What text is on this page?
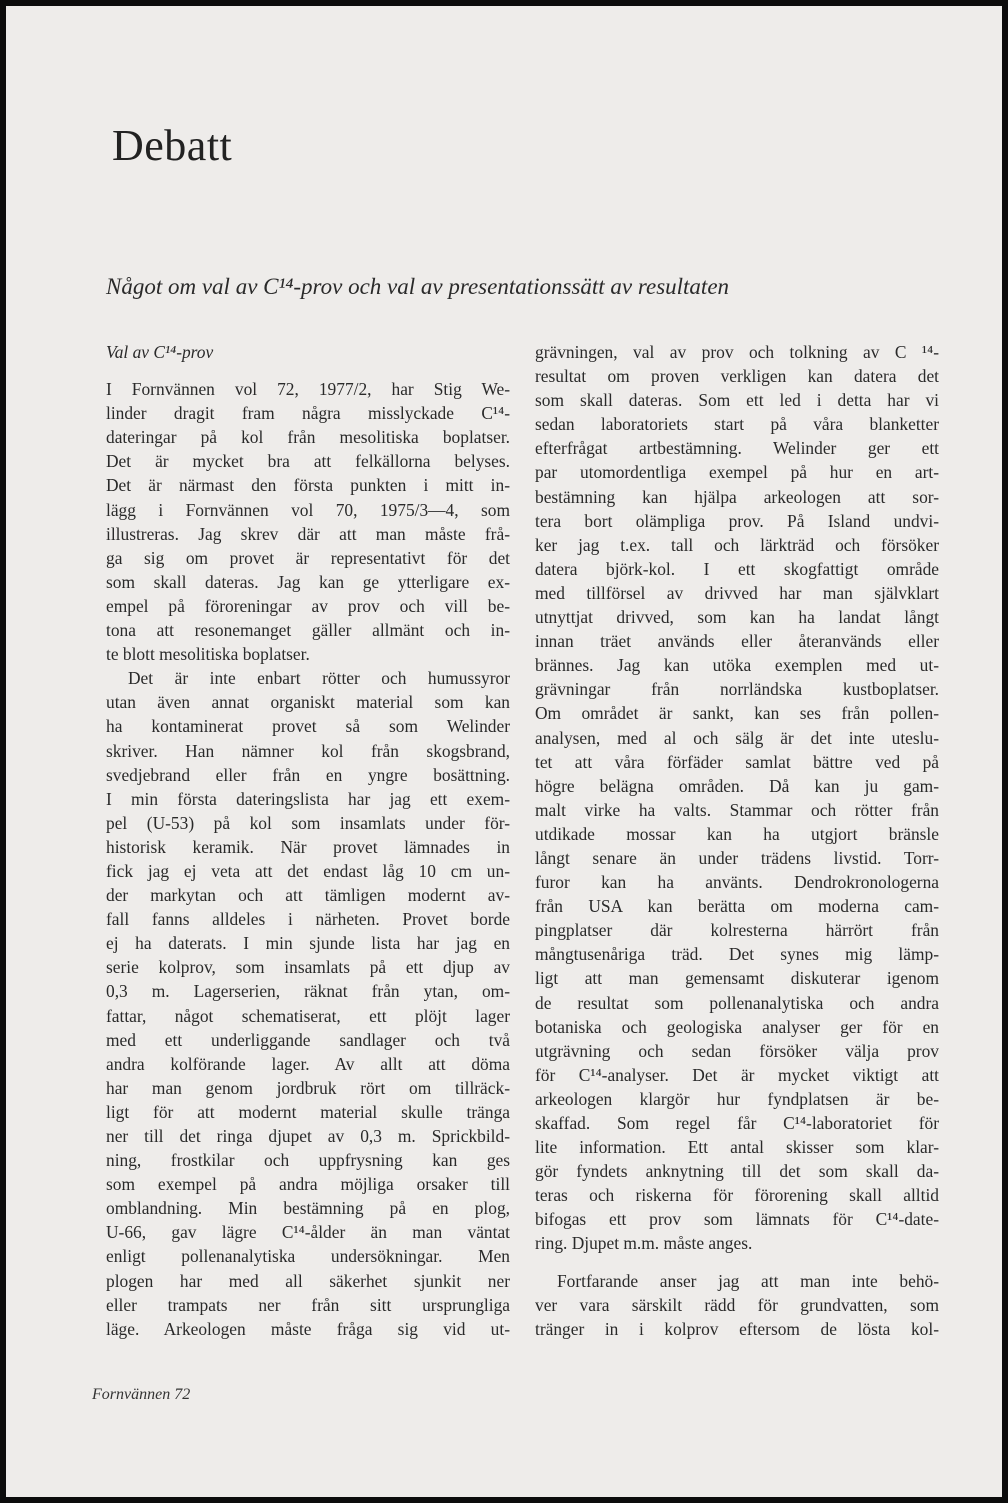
Debatt
Något om val av C¹⁴-prov och val av presentationssätt av resultaten
Val av C¹⁴-prov
I Fornvännen vol 72, 1977/2, har Stig We-
linder dragit fram några misslyckade C¹⁴-
dateringar på kol från mesolitiska boplatser.
Det är mycket bra att felkällorna belyses.
Det är närmast den första punkten i mitt in-
lägg i Fornvännen vol 70, 1975/3—4, som
illustreras. Jag skrev där att man måste frå-
ga sig om provet är representativt för det
som skall dateras. Jag kan ge ytterligare ex-
empel på föroreningar av prov och vill be-
tona att resonemanget gäller allmänt och in-
te blott mesolitiska boplatser.
Det är inte enbart rötter och humussyror
utan även annat organiskt material som kan
ha kontaminerat provet så som Welinder
skriver. Han nämner kol från skogsbrand,
svedjebrand eller från en yngre bosättning.
I min första dateringslista har jag ett exem-
pel (U-53) på kol som insamlats under för-
historisk keramik. När provet lämnades in
fick jag ej veta att det endast låg 10 cm un-
der markytan och att tämligen modernt av-
fall fanns alldeles i närheten. Provet borde
ej ha daterats. I min sjunde lista har jag en
serie kolprov, som insamlats på ett djup av
0,3 m. Lagerserien, räknat från ytan, om-
fattar, något schematiserat, ett plöjt lager
med ett underliggande sandlager och två
andra kolförande lager. Av allt att döma
har man genom jordbruk rört om tillräck-
ligt för att modernt material skulle tränga
ner till det ringa djupet av 0,3 m. Sprickbild-
ning, frostkilar och uppfrysning kan ges
som exempel på andra möjliga orsaker till
omblandning. Min bestämning på en plog,
U-66, gav lägre C¹⁴-ålder än man väntat
enligt pollenanalytiska undersökningar. Men
plogen har med all säkerhet sjunkit ner
eller trampats ner från sitt ursprungliga
läge. Arkeologen måste fråga sig vid ut-
grävningen, val av prov och tolkning av C ¹⁴-
resultat om proven verkligen kan datera det
som skall dateras. Som ett led i detta har vi
sedan laboratoriets start på våra blanketter
efterfrågat artbestämning. Welinder ger ett
par utomordentliga exempel på hur en art-
bestämning kan hjälpa arkeologen att sor-
tera bort olämpliga prov. På Island undvi-
ker jag t.ex. tall och lärkträd och försöker
datera björk-kol. I ett skogfattigt område
med tillförsel av drivved har man självklart
utnyttjat drivved, som kan ha landat långt
innan träet används eller återanvänds eller
brännes. Jag kan utöka exemplen med ut-
grävningar från norrländska kustboplatser.
Om området är sankt, kan ses från pollen-
analysen, med al och sälg är det inte uteslu-
tet att våra förfäder samlat bättre ved på
högre belägna områden. Då kan ju gam-
malt virke ha valts. Stammar och rötter från
utdikade mossar kan ha utgjort bränsle
långt senare än under trädens livstid. Torr-
furor kan ha använts. Dendrokronologerna
från USA kan berätta om moderna cam-
pingplatser där kolresterna härrört från
mångtusenåriga träd. Det synes mig lämp-
ligt att man gemensamt diskuterar igenom
de resultat som pollenanalytiska och andra
botaniska och geologiska analyser ger för en
utgrävning och sedan försöker välja prov
för C¹⁴-analyser. Det är mycket viktigt att
arkeologen klargör hur fyndplatsen är be-
skaffad. Som regel får C¹⁴-laboratoriet för
lite information. Ett antal skisser som klar-
gör fyndets anknytning till det som skall da-
teras och riskerna för förorening skall alltid
bifogas ett prov som lämnats för C¹⁴-date-
ring. Djupet m.m. måste anges.
Fortfarande anser jag att man inte behö-
ver vara särskilt rädd för grundvatten, som
tränger in i kolprov eftersom de lösta kol-
Fornvännen 72
